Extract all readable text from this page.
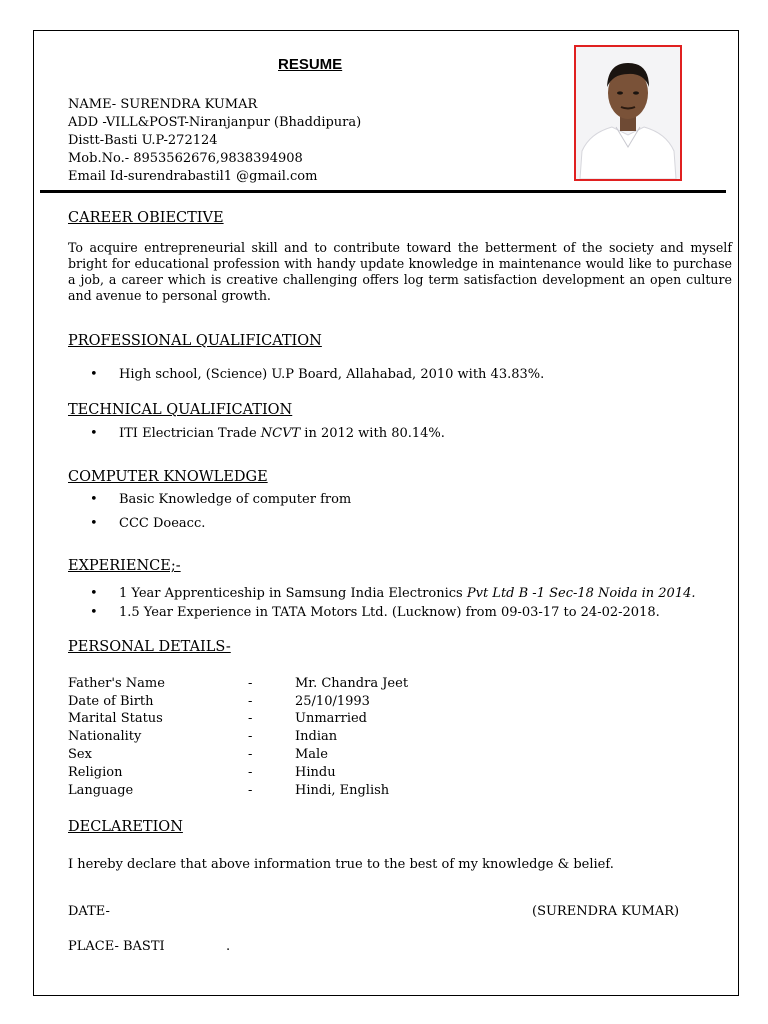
RESUME
NAME- SURENDRA KUMAR
ADD -VILL&POST-Niranjanpur (Bhaddipura)
Distt-Basti U.P-272124
Mob.No.- 8953562676,9838394908
Email Id-surendrabastil1 @gmail.com
CAREER OBIECTIVE
To acquire entrepreneurial skill and to contribute toward the betterment of the society and myself bright for educational profession with handy update knowledge in maintenance would like to purchase a job, a career which is creative challenging offers log term satisfaction development an open culture and avenue to personal growth.
PROFESSIONAL QUALIFICATION
• High school, (Science) U.P Board, Allahabad, 2010 with 43.83%.
TECHNICAL QUALIFICATION
• ITI Electrician Trade NCVT in 2012 with 80.14%.
COMPUTER KNOWLEDGE
• Basic Knowledge of computer from
• CCC Doeacc.
EXPERIENCE;-
• 1 Year Apprenticeship in Samsung India Electronics Pvt Ltd B -1 Sec-18 Noida in 2014.
• 1.5 Year Experience in TATA Motors Ltd. (Lucknow) from 09-03-17 to 24-02-2018.
PERSONAL DETAILS-
Father's Name	-	Mr. Chandra Jeet
Date of Birth	-	25/10/1993
Marital Status	-	Unmarried
Nationality	-	Indian
Sex	-	Male
Religion	-	Hindu
Language	-	Hindi, English
DECLARETION
I hereby declare that above information true to the best of my knowledge & belief.
DATE-	(SURENDRA KUMAR)
PLACE- BASTI	.
